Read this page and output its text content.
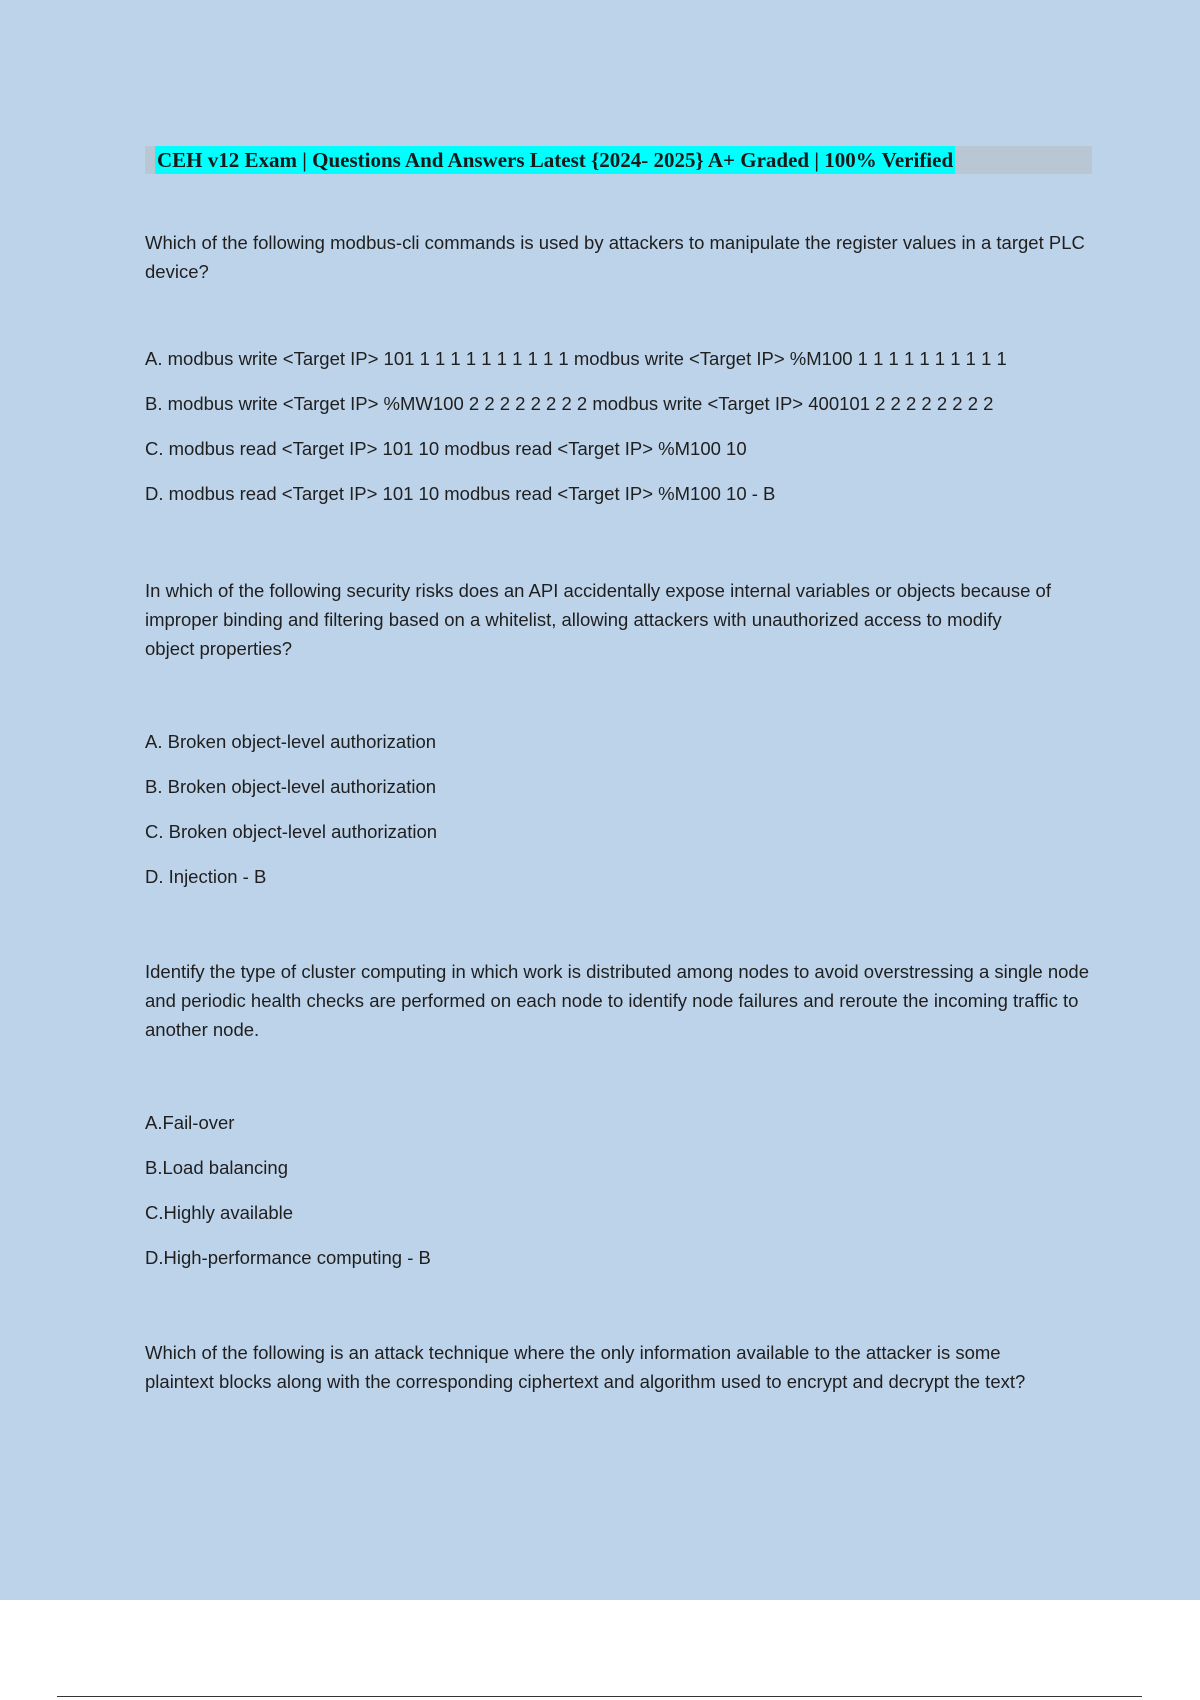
CEH v12 Exam | Questions And Answers Latest {2024- 2025} A+ Graded | 100% Verified

Which of the following modbus-cli commands is used by attackers to manipulate the register values in a target PLC device?

A. modbus write <Target IP> 101 1 1 1 1 1 1 1 1 1 1 modbus write <Target IP> %M100 1 1 1 1 1 1 1 1 1 1

B. modbus write <Target IP> %MW100 2 2 2 2 2 2 2 2 modbus write <Target IP> 400101 2 2 2 2 2 2 2 2

C. modbus read <Target IP> 101 10 modbus read <Target IP> %M100 10

D. modbus read <Target IP> 101 10 modbus read <Target IP> %M100 10 - B

In which of the following security risks does an API accidentally expose internal variables or objects because of improper binding and filtering based on a whitelist, allowing attackers with unauthorized access to modify object properties?

A. Broken object-level authorization

B. Broken object-level authorization

C. Broken object-level authorization

D. Injection - B

Identify the type of cluster computing in which work is distributed among nodes to avoid overstressing a single node and periodic health checks are performed on each node to identify node failures and reroute the incoming traffic to another node.

A.Fail-over

B.Load balancing

C.Highly available

D.High-performance computing - B

Which of the following is an attack technique where the only information available to the attacker is some plaintext blocks along with the corresponding ciphertext and algorithm used to encrypt and decrypt the text?
